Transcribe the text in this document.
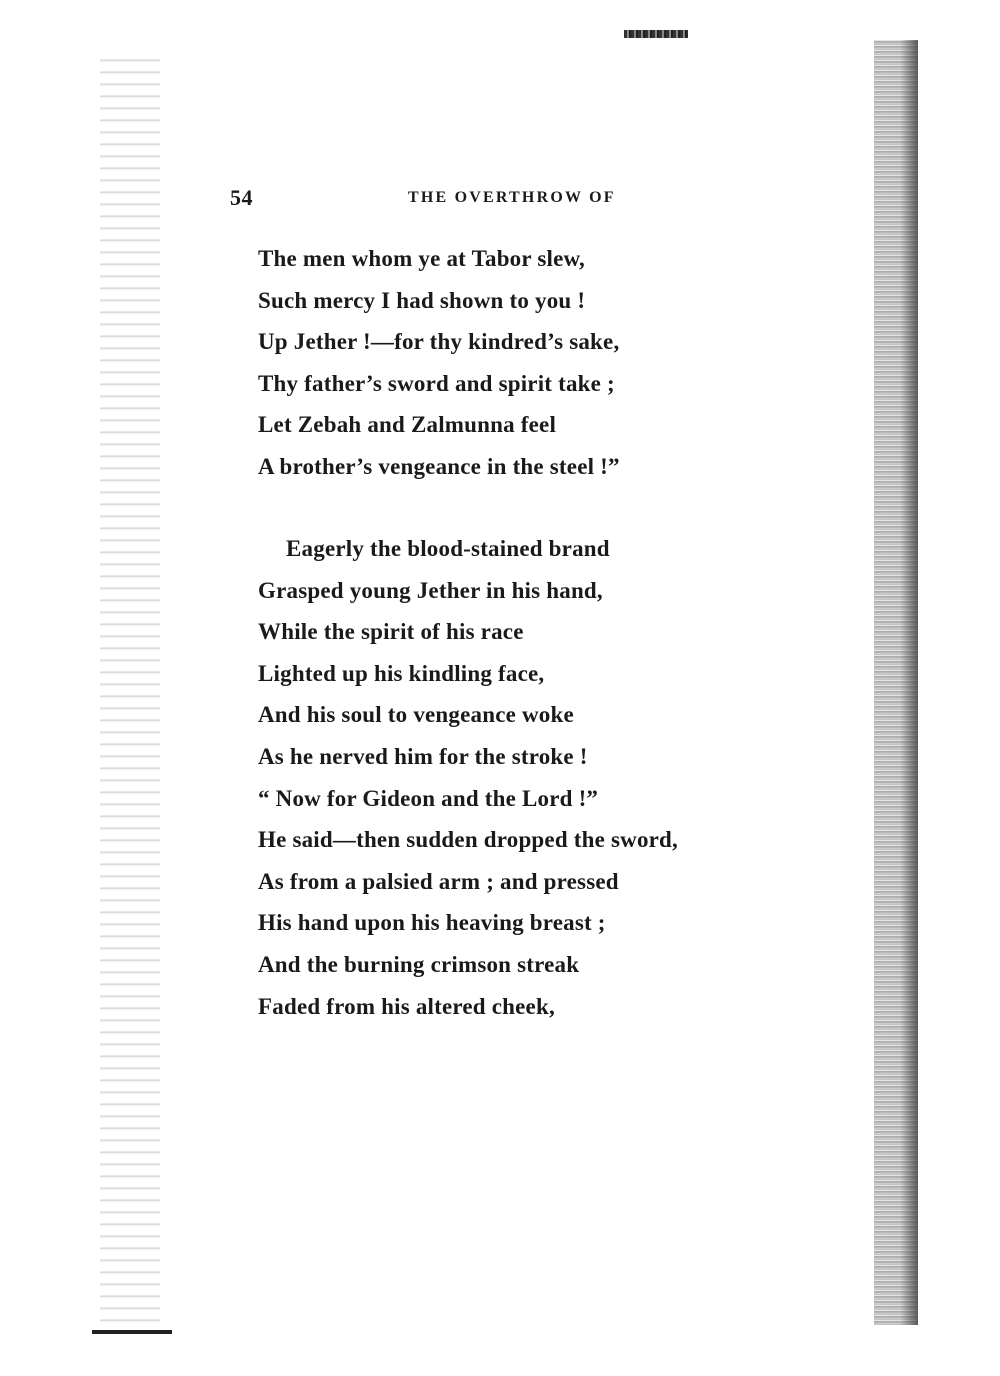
54	THE OVERTHROW OF
The men whom ye at Tabor slew,
Such mercy I had shown to you !
Up Jether !—for thy kindred’s sake,
Thy father’s sword and spirit take ;
Let Zebah and Zalmunna feel
A brother’s vengeance in the steel !”
Eagerly the blood-stained brand
Grasped young Jether in his hand,
While the spirit of his race
Lighted up his kindling face,
And his soul to vengeance woke
As he nerved him for the stroke !
“ Now for Gideon and the Lord !”
He said—then sudden dropped the sword,
As from a palsied arm ; and pressed
His hand upon his heaving breast ;
And the burning crimson streak
Faded from his altered cheek,
